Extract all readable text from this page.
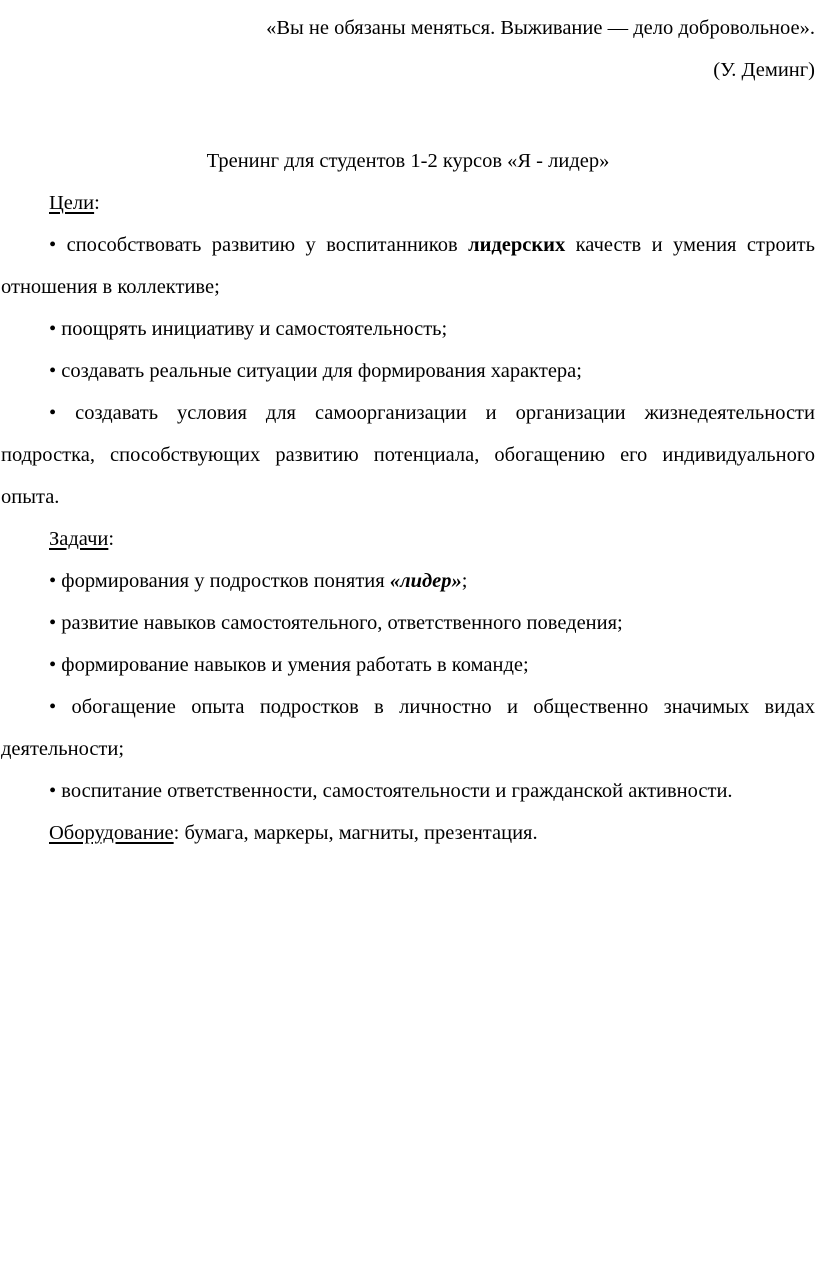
«Вы не обязаны меняться. Выживание — дело добровольное».

(У. Деминг)

Тренинг для студентов 1-2 курсов «Я - лидер»

Цели:

• способствовать развитию у воспитанников лидерских качеств и умения строить отношения в коллективе;

• поощрять инициативу и самостоятельность;

• создавать реальные ситуации для формирования характера;

• создавать условия для самоорганизации и организации жизнедеятельности подростка, способствующих развитию потенциала, обогащению его индивидуального опыта.

Задачи:

• формирования у подростков понятия «лидер»;

• развитие навыков самостоятельного, ответственного поведения;

• формирование навыков и умения работать в команде;

• обогащение опыта подростков в личностно и общественно значимых видах деятельности;

• воспитание ответственности, самостоятельности и гражданской активности.

Оборудование: бумага, маркеры, магниты, презентация.
